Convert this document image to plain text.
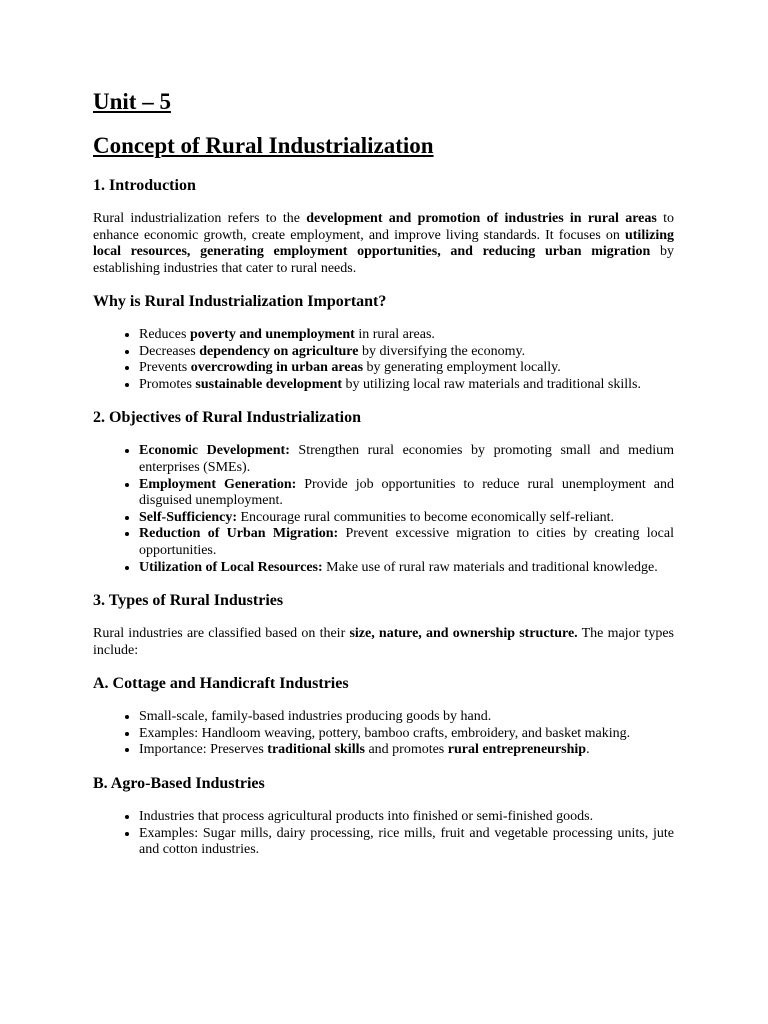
Unit – 5
Concept of Rural Industrialization
1. Introduction

Rural industrialization refers to the development and promotion of industries in rural areas to enhance economic growth, create employment, and improve living standards. It focuses on utilizing local resources, generating employment opportunities, and reducing urban migration by establishing industries that cater to rural needs.

Why is Rural Industrialization Important?
• Reduces poverty and unemployment in rural areas.
• Decreases dependency on agriculture by diversifying the economy.
• Prevents overcrowding in urban areas by generating employment locally.
• Promotes sustainable development by utilizing local raw materials and traditional skills.
2. Objectives of Rural Industrialization
• Economic Development: Strengthen rural economies by promoting small and medium enterprises (SMEs).
• Employment Generation: Provide job opportunities to reduce rural unemployment and disguised unemployment.
• Self-Sufficiency: Encourage rural communities to become economically self-reliant.
• Reduction of Urban Migration: Prevent excessive migration to cities by creating local opportunities.
• Utilization of Local Resources: Make use of rural raw materials and traditional knowledge.
3. Types of Rural Industries

Rural industries are classified based on their size, nature, and ownership structure. The major types include:

A. Cottage and Handicraft Industries
• Small-scale, family-based industries producing goods by hand.
• Examples: Handloom weaving, pottery, bamboo crafts, embroidery, and basket making.
• Importance: Preserves traditional skills and promotes rural entrepreneurship.
B. Agro-Based Industries
• Industries that process agricultural products into finished or semi-finished goods.
• Examples: Sugar mills, dairy processing, rice mills, fruit and vegetable processing units, jute and cotton industries.
